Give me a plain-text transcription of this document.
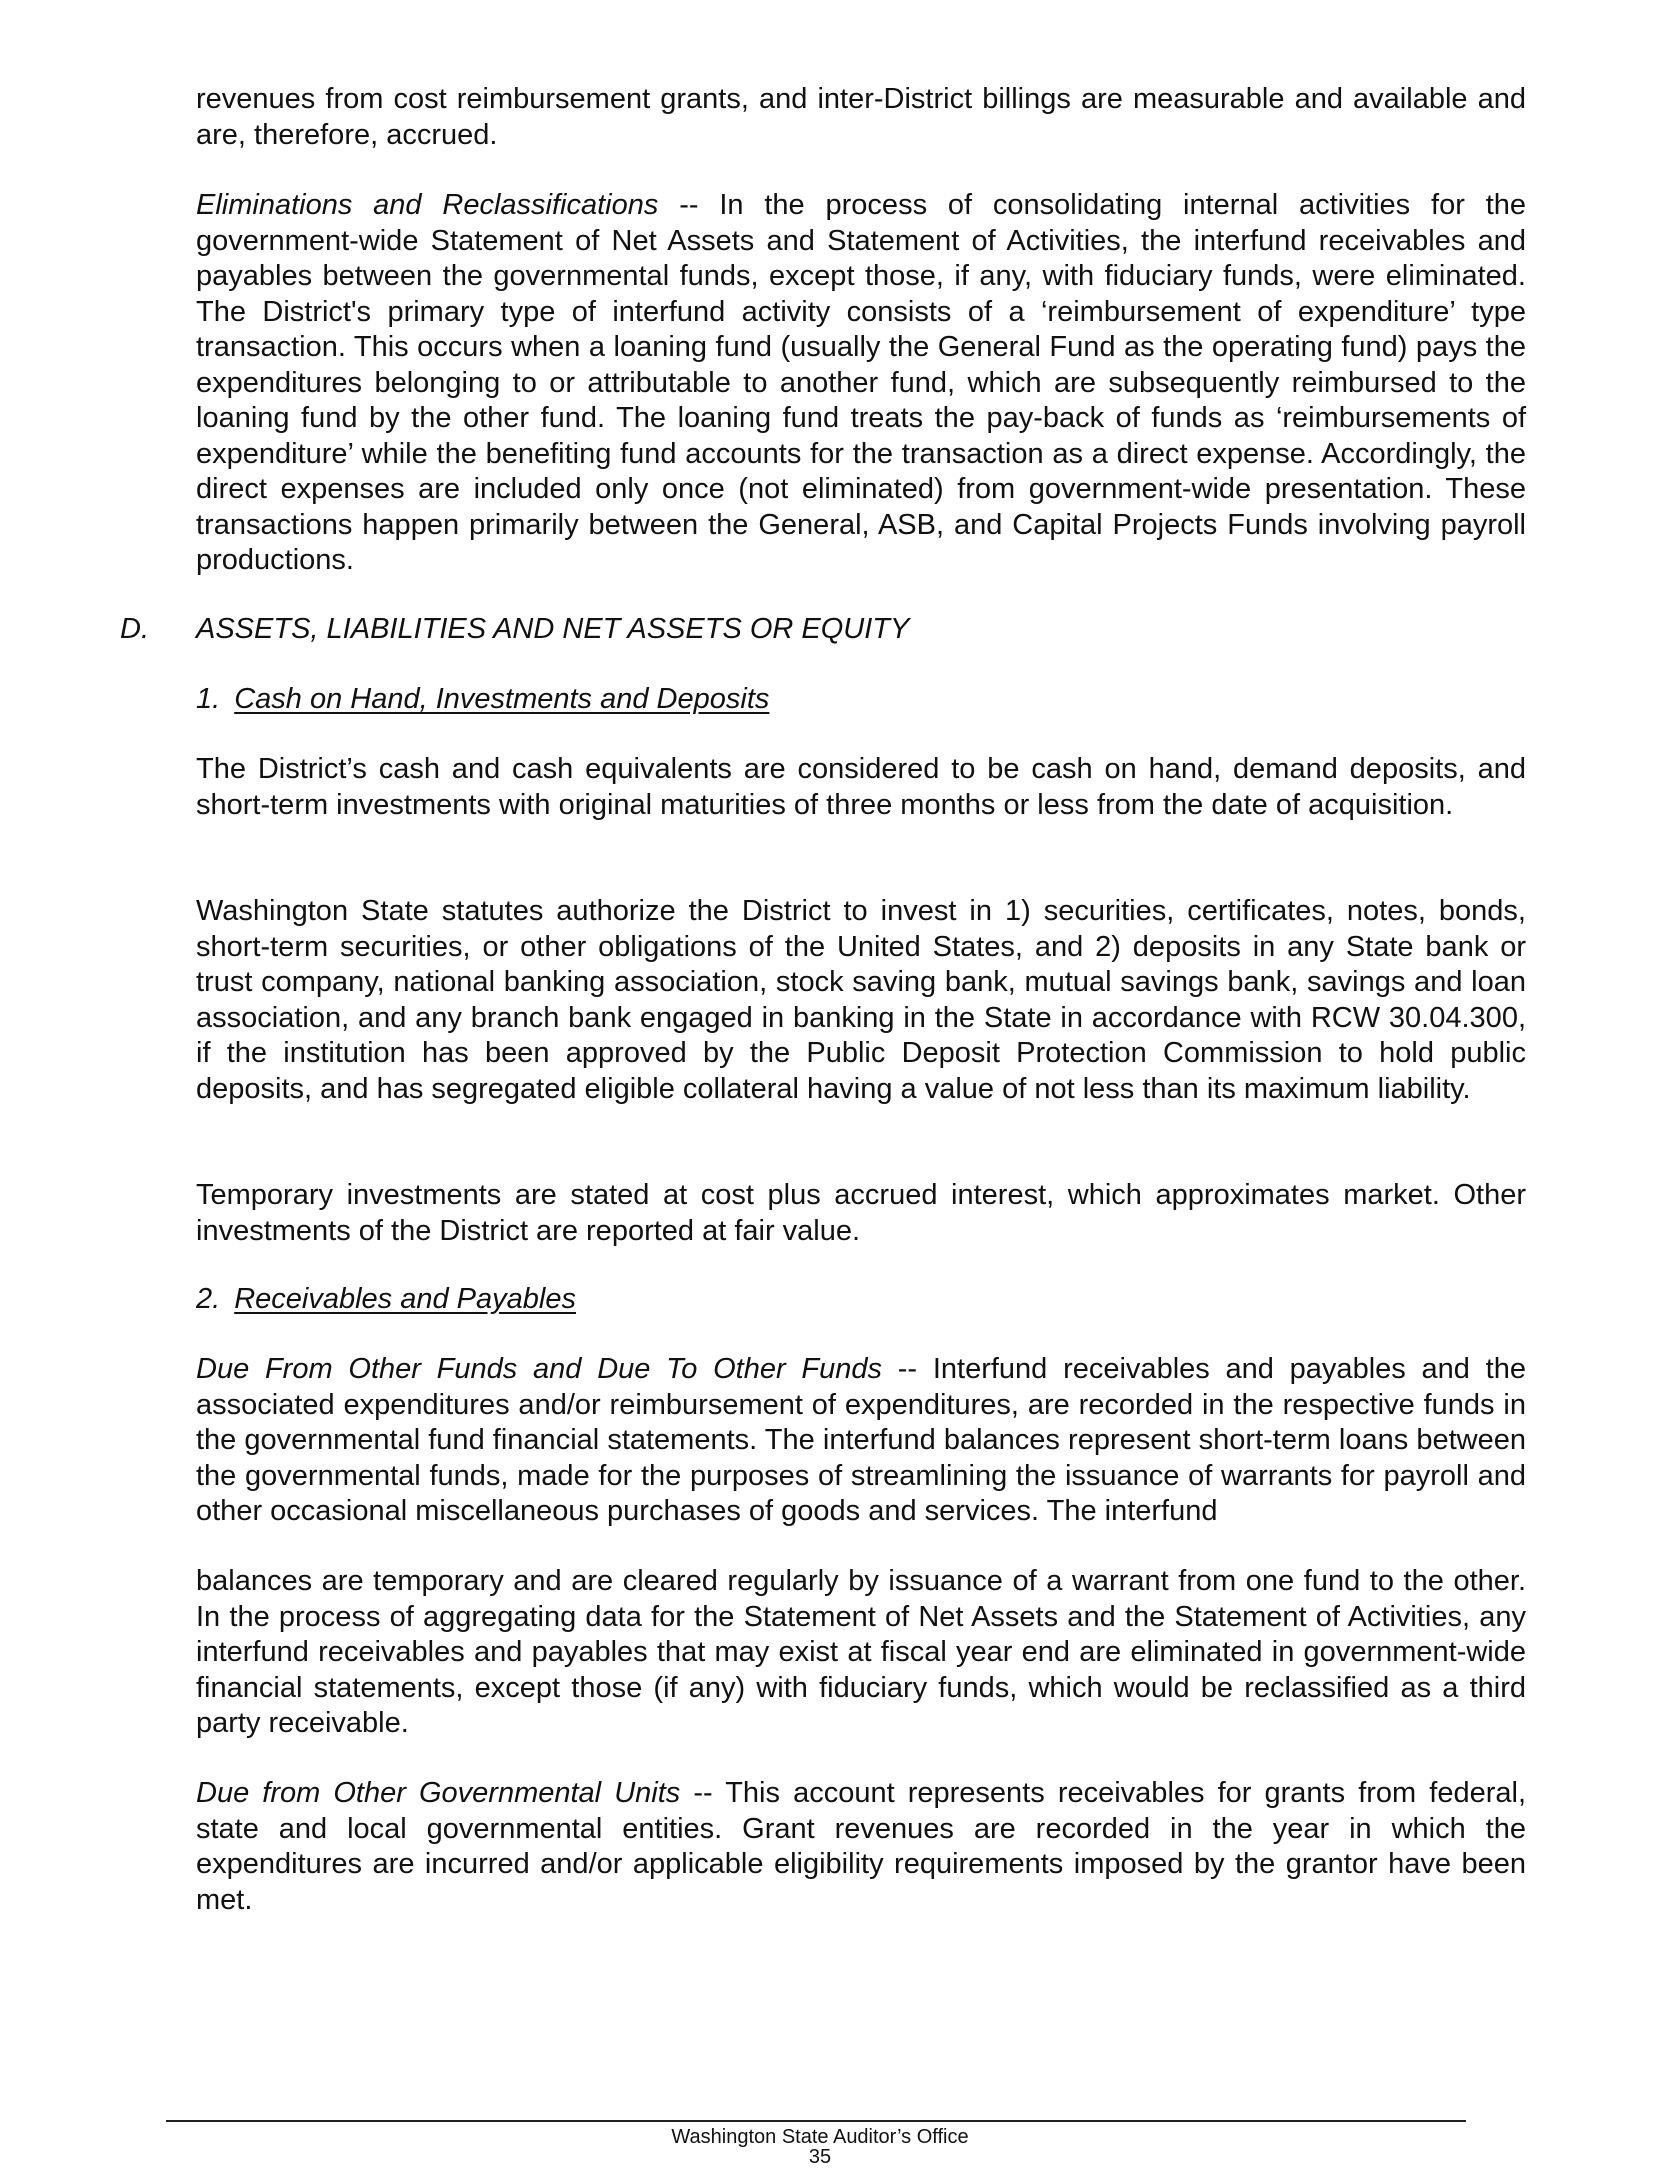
revenues from cost reimbursement grants, and inter-District billings are measurable and available and are, therefore, accrued.

Eliminations and Reclassifications -- In the process of consolidating internal activities for the government-wide Statement of Net Assets and Statement of Activities, the interfund receivables and payables between the governmental funds, except those, if any, with fiduciary funds, were eliminated. The District's primary type of interfund activity consists of a ‘reimbursement of expenditure’ type transaction. This occurs when a loaning fund (usually the General Fund as the operating fund) pays the expenditures belonging to or attributable to another fund, which are subsequently reimbursed to the loaning fund by the other fund. The loaning fund treats the pay-back of funds as ‘reimbursements of expenditure’ while the benefiting fund accounts for the transaction as a direct expense. Accordingly, the direct expenses are included only once (not eliminated) from government-wide presentation. These transactions happen primarily between the General, ASB, and Capital Projects Funds involving payroll productions.

D. ASSETS, LIABILITIES AND NET ASSETS OR EQUITY
1. Cash on Hand, Investments and Deposits

The District’s cash and cash equivalents are considered to be cash on hand, demand deposits, and short-term investments with original maturities of three months or less from the date of acquisition.

Washington State statutes authorize the District to invest in 1) securities, certificates, notes, bonds, short-term securities, or other obligations of the United States, and 2) deposits in any State bank or trust company, national banking association, stock saving bank, mutual savings bank, savings and loan association, and any branch bank engaged in banking in the State in accordance with RCW 30.04.300, if the institution has been approved by the Public Deposit Protection Commission to hold public deposits, and has segregated eligible collateral having a value of not less than its maximum liability.

Temporary investments are stated at cost plus accrued interest, which approximates market. Other investments of the District are reported at fair value.

2. Receivables and Payables

Due From Other Funds and Due To Other Funds -- Interfund receivables and payables and the associated expenditures and/or reimbursement of expenditures, are recorded in the respective funds in the governmental fund financial statements. The interfund balances represent short-term loans between the governmental funds, made for the purposes of streamlining the issuance of warrants for payroll and other occasional miscellaneous purchases of goods and services. The interfund

balances are temporary and are cleared regularly by issuance of a warrant from one fund to the other. In the process of aggregating data for the Statement of Net Assets and the Statement of Activities, any interfund receivables and payables that may exist at fiscal year end are eliminated in government-wide financial statements, except those (if any) with fiduciary funds, which would be reclassified as a third party receivable.

Due from Other Governmental Units -- This account represents receivables for grants from federal, state and local governmental entities. Grant revenues are recorded in the year in which the expenditures are incurred and/or applicable eligibility requirements imposed by the grantor have been met.

Washington State Auditor’s Office
35
